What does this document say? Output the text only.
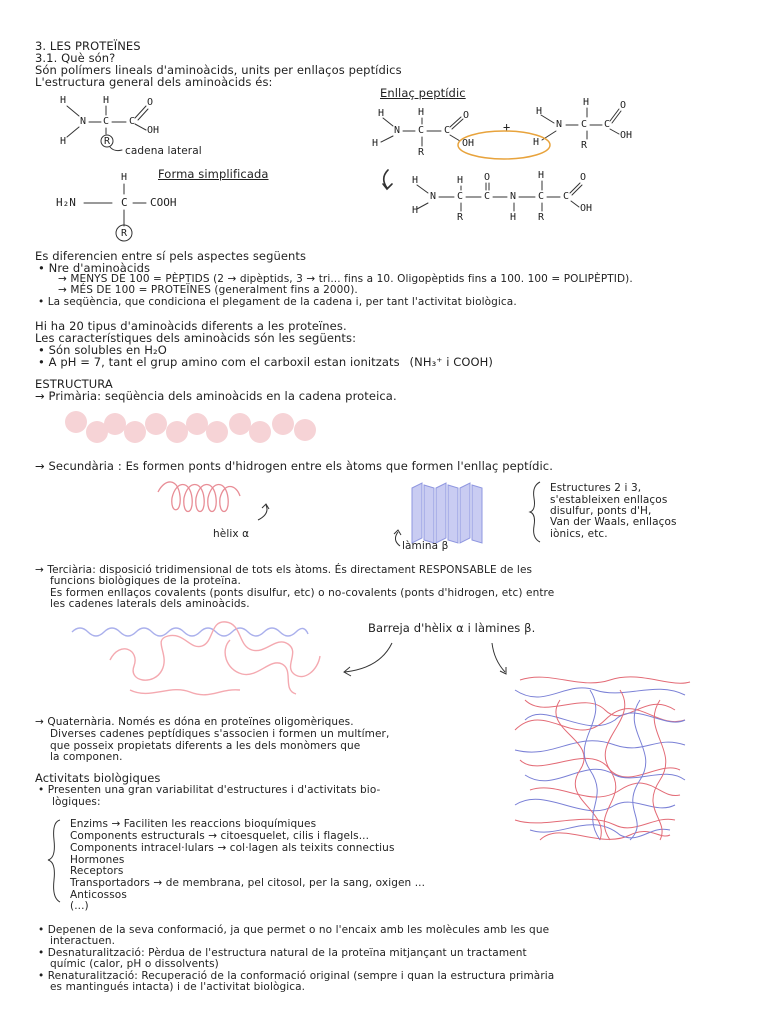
3. LES PROTEÏNES
3.1. Què són?
Són polímers lineals d'aminoàcids, units per enllaços peptídics
L'estructura general dels aminoàcids és:
H	H	O
N C C
OH
H	R
cadena lateral
Forma simplificada
H
H₂N	C COOH
R
Enllaç peptídic
H	H	O
N C C
OH
H
R
+
H
H	O
N C C
OH
H	R
H	H O	H	O
N C C N C C
OH
H
R	H R
Es diferencien entre sí pels aspectes següents
• Nre d'aminoàcids
→ MENYS DE 100 = PÈPTIDS (2 → dipèptids, 3 → tri... fins a 10. Oligopèptids fins a 100. 100 = POLIPÈPTID).
→ MÉS DE 100 = PROTEÏNES (generalment fins a 2000).
• La seqüència, que condiciona el plegament de la cadena i, per tant l'activitat biològica.
Hi ha 20 tipus d'aminoàcids diferents a les proteïnes.
Les característiques dels aminoàcids són les següents:
• Són solubles en H₂O
• A pH = 7, tant el grup amino com el carboxil estan ionitzats (NH₃⁺ i COOH)
ESTRUCTURA
→ Primària: seqüència dels aminoàcids en la cadena proteica.
→ Secundària : Es formen ponts d'hidrogen entre els àtoms que formen l'enllaç peptídic.
hèlix α
làmina β
Estructures 2 i 3,
s'estableixen enllaços
disulfur, ponts d'H,
Van der Waals, enllaços
iònics, etc.
→ Terciària: disposició tridimensional de tots els àtoms. És directament RESPONSABLE de les
funcions biològiques de la proteïna.
Es formen enllaços covalents (ponts disulfur, etc) o no-covalents (ponts d'hidrogen, etc) entre
les cadenes laterals dels aminoàcids.
Barreja d'hèlix α i làmines β.
→ Quaternària. Només es dóna en proteïnes oligomèriques.
Diverses cadenes peptídiques s'associen i formen un multímer,
que posseix propietats diferents a les dels monòmers que
la componen.
Activitats biològiques
• Presenten una gran variabilitat d'estructures i d'activitats bio-
lògiques:
Enzims → Faciliten les reaccions bioquímiques
Components estructurals → citoesquelet, cilis i flagels...
Components intracel·lulars → col·lagen als teixits connectius
Hormones
Receptors
Transportadors → de membrana, pel citosol, per la sang, oxigen ...
Anticossos
(...)
• Depenen de la seva conformació, ja que permet o no l'encaix amb les molècules amb les que
interactuen.
• Desnaturalització: Pèrdua de l'estructura natural de la proteïna mitjançant un tractament
químic (calor, pH o dissolvents)
• Renaturalització: Recuperació de la conformació original (sempre i quan la estructura primària
es mantingués intacta) i de l'activitat biològica.
